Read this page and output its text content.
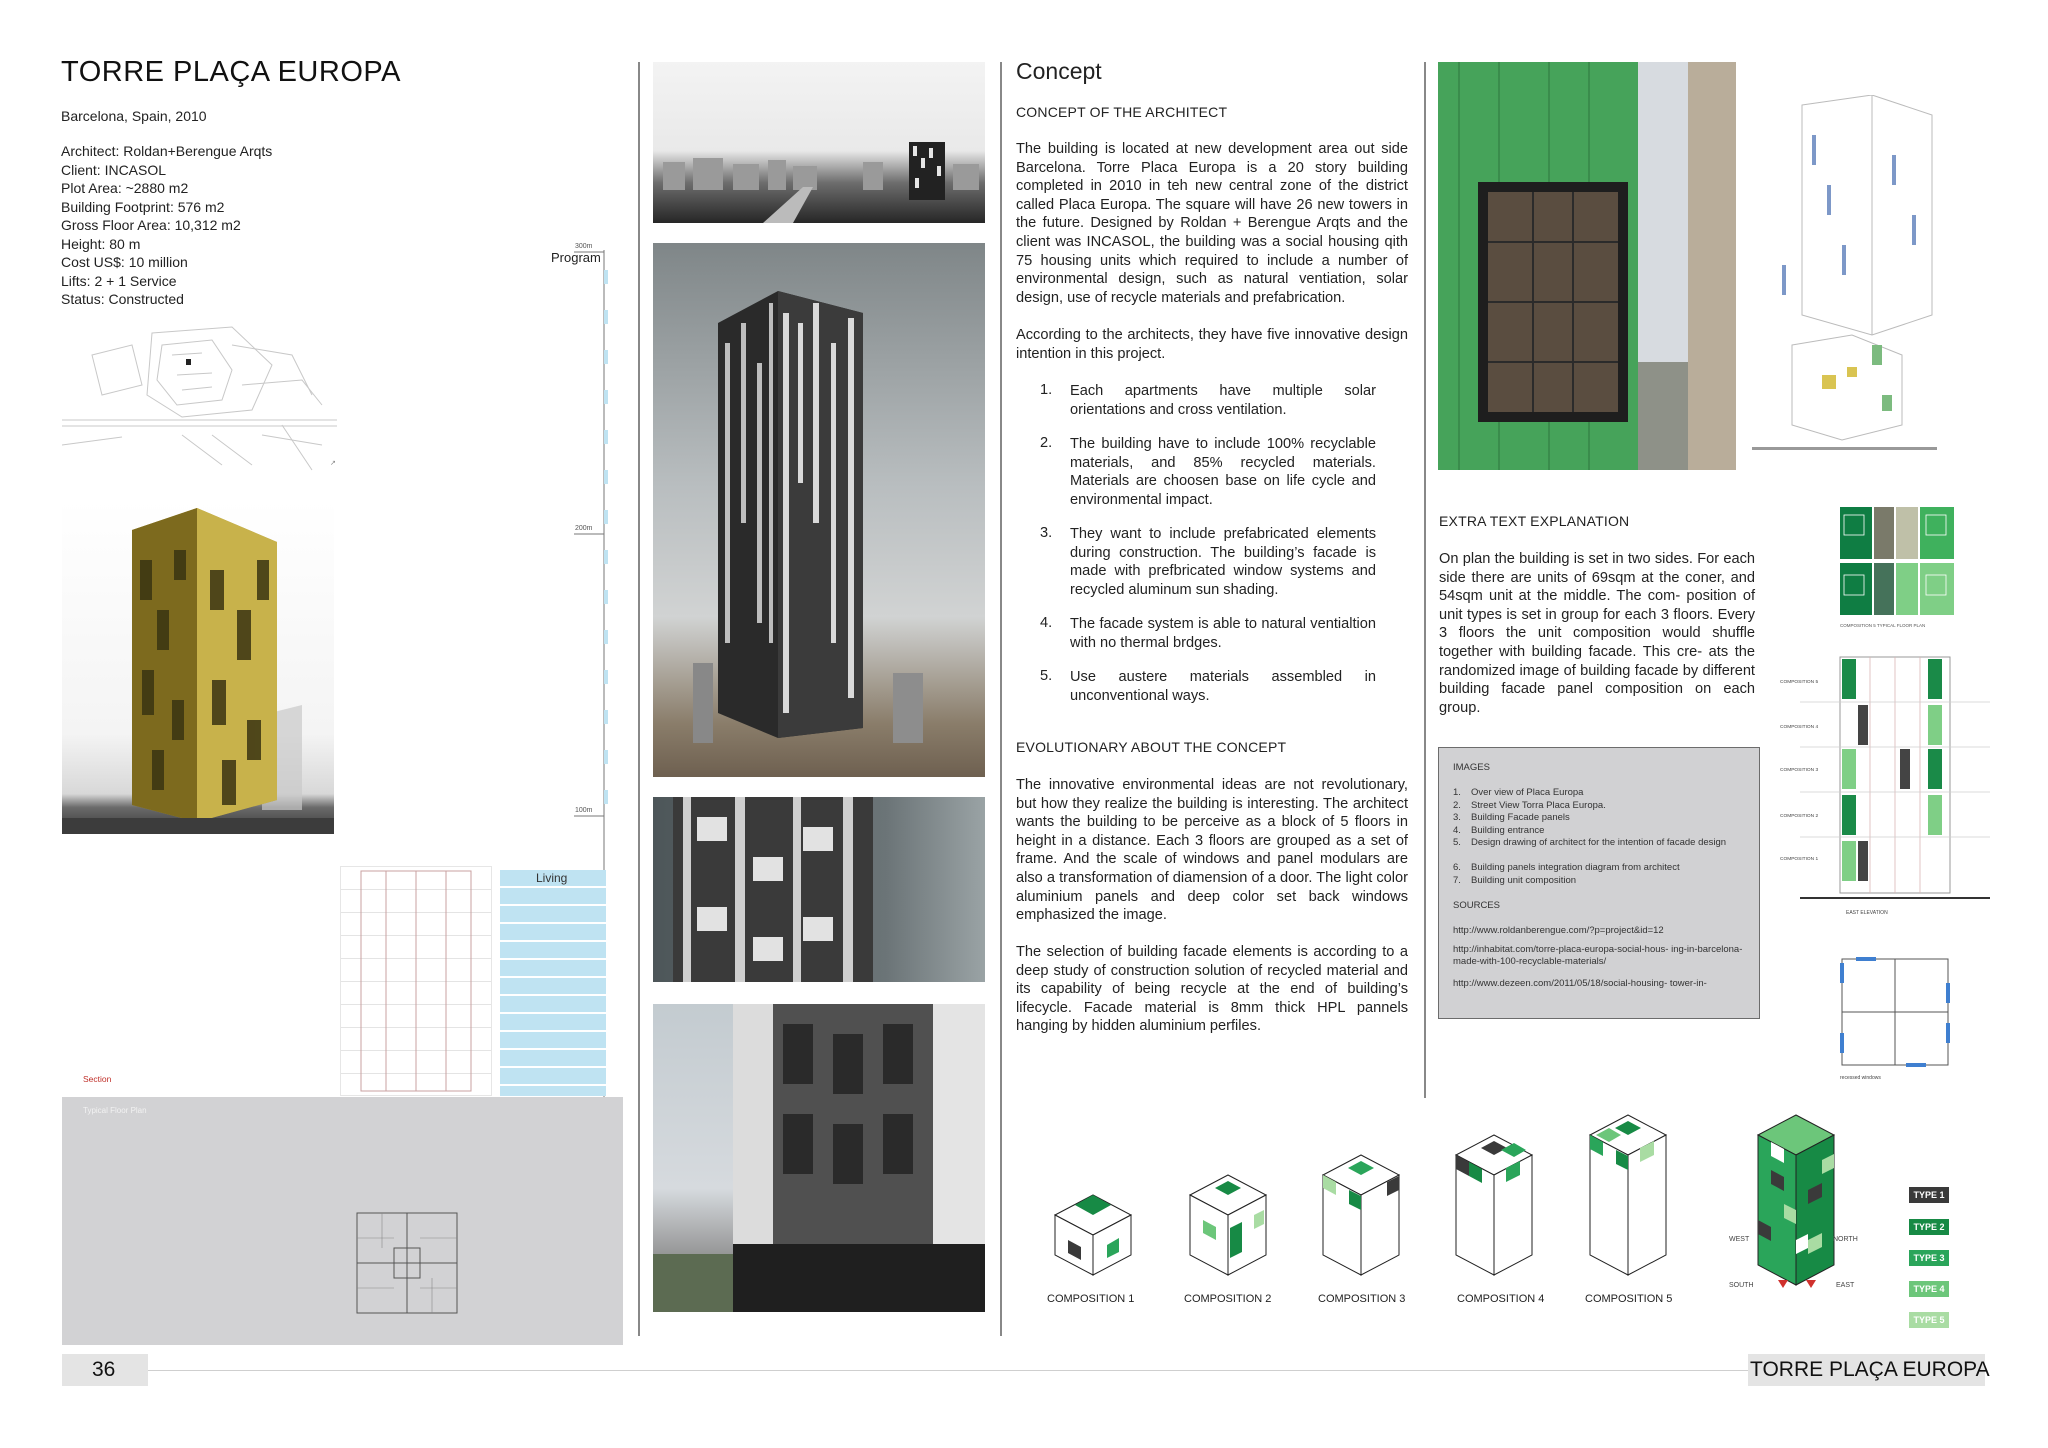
TORRE PLAÇA EUROPA
Barcelona, Spain, 2010
Architect: Roldan+Berengue Arqts
Client: INCASOL
Plot Area: ~2880 m2
Building Footprint: 576 m2
Gross Floor Area: 10,312 m2
Height: 80 m
Cost US$: 10 million
Lifts: 2 + 1 Service
Status: Constructed
↗
Program
300m
200m
100m
Living
Section
Typical Floor Plan
Concept
CONCEPT OF THE ARCHITECT
The building is located at new development area out side Barcelona. Torre Placa Europa is a 20 story building completed in 2010 in teh new central zone of the district called Placa Europa. The square will have 26 new towers in the future. Designed by Roldan + Berengue Arqts and the client was INCASOL, the building was a social housing qith 75 housing units which required to include a number of environmental design, such as natural ventiation, solar design, use of recycle materials and prefabrication.
According to the architects, they have five innovative design intention in this project.
1. Each apartments have multiple solar orientations and cross ventilation.
2. The building have to include 100% recyclable materials, and 85% recycled materials. Materials are choosen base on life cycle and environmental impact.
3. They want to include prefabricated elements during construction. The building’s facade is made with prefbricated window systems and recycled aluminum sun shading.
4. The facade system is able to natural ventialtion with no thermal brdges.
5. Use austere materials assembled in unconventional ways.
EVOLUTIONARY ABOUT THE CONCEPT
The innovative environmental ideas are not revolutionary, but how they realize the building is interesting. The architect wants the building to be perceive as a block of 5 floors in height in a distance. Each 3 floors are grouped as a set of frame. And the scale of windows and panel modulars are also a transformation of diamension of a door. The light color aluminium panels and deep color set back windows emphasized the image.
The selection of building facade elements is according to a deep study of construction solution of recycled material and its capability of being recycle at the end of building’s lifecycle. Facade material is 8mm thick HPL pannels hanging by hidden aluminium perfiles.
EXTRA TEXT EXPLANATION
On plan the building is set in two sides. For each side there are units of 69sqm at the coner, and 54sqm unit at the middle. The com- position of unit types is set in group for each 3 floors. Every 3 floors the unit composition would shuffle together with building facade. This cre- ats the randomized image of building facade by different building facade panel composition on each group.
IMAGES
1. Over view of Placa Europa
2. Street View Torra Placa Europa.
3. Building Facade panels
4. Building entrance
5. Design drawing of architect for the intention of facade design
6. Building panels integration diagram from architect
7. Building unit composition
SOURCES
http://www.roldanberengue.com/?p=project&id=12
http://inhabitat.com/torre-placa-europa-social-hous- ing-in-barcelona-made-with-100-recyclable-materials/
http://www.dezeen.com/2011/05/18/social-housing- tower-in-
COMPOSITION 5 TYPICAL FLOOR PLAN
COMPOSITION 5
COMPOSITION 4
COMPOSITION 3
COMPOSITION 2
COMPOSITION 1
EAST ELEVATION
recessed windows
COMPOSITION 1	COMPOSITION 2	COMPOSITION 3	COMPOSITION 4	COMPOSITION 5
WEST	NORTH
SOUTH	EAST
TYPE 1
TYPE 2
TYPE 3
TYPE 4
TYPE 5
36	TORRE PLAÇA EUROPA
